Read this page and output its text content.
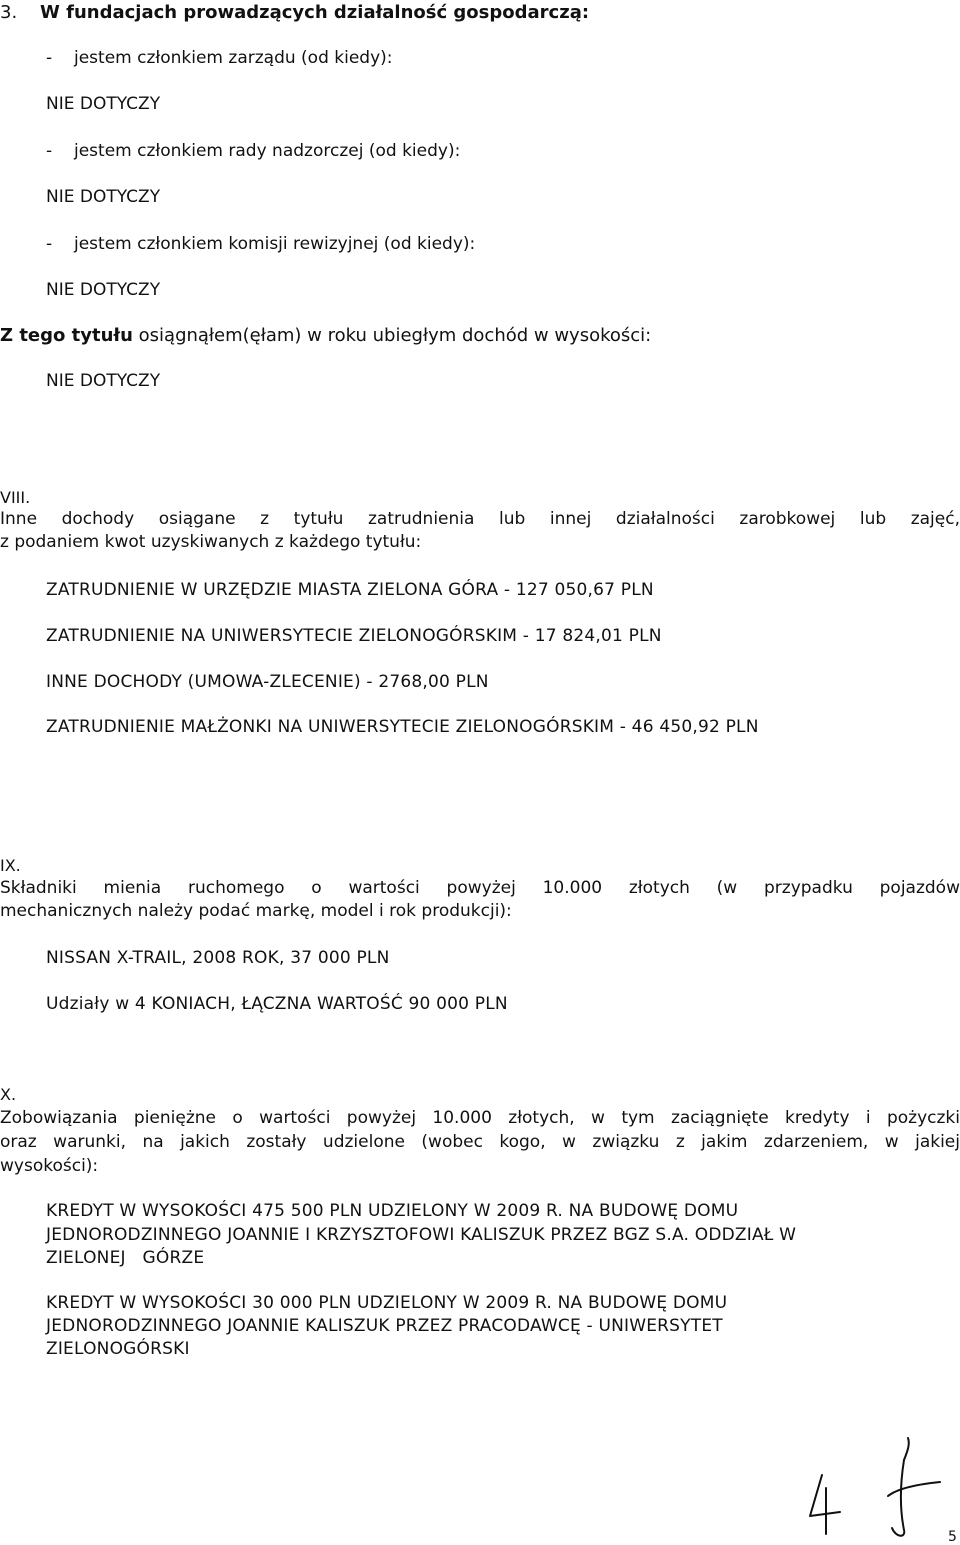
3. W fundacjach prowadzących działalność gospodarczą:
- jestem członkiem zarządu (od kiedy):
NIE DOTYCZY
- jestem członkiem rady nadzorczej (od kiedy):
NIE DOTYCZY
- jestem członkiem komisji rewizyjnej (od kiedy):
NIE DOTYCZY
Z tego tytułu osiągnąłem(ęłam) w roku ubiegłym dochód w wysokości:
NIE DOTYCZY
VIII.
Inne dochody osiągane z tytułu zatrudnienia lub innej działalności zarobkowej lub zajęć,
z podaniem kwot uzyskiwanych z każdego tytułu:
ZATRUDNIENIE W URZĘDZIE MIASTA ZIELONA GÓRA - 127 050,67 PLN
ZATRUDNIENIE NA UNIWERSYTECIE ZIELONOGÓRSKIM - 17 824,01 PLN
INNE DOCHODY (UMOWA-ZLECENIE) - 2768,00 PLN
ZATRUDNIENIE MAŁŻONKI NA UNIWERSYTECIE ZIELONOGÓRSKIM - 46 450,92 PLN
IX.
Składniki mienia ruchomego o wartości powyżej 10.000 złotych (w przypadku pojazdów
mechanicznych należy podać markę, model i rok produkcji):
NISSAN X-TRAIL, 2008 ROK, 37 000 PLN
Udziały w 4 KONIACH, ŁĄCZNA WARTOŚĆ 90 000 PLN
X.
Zobowiązania pieniężne o wartości powyżej 10.000 złotych, w tym zaciągnięte kredyty i pożyczki
oraz warunki, na jakich zostały udzielone (wobec kogo, w związku z jakim zdarzeniem, w jakiej
wysokości):
KREDYT W WYSOKOŚCI 475 500 PLN UDZIELONY W 2009 R. NA BUDOWĘ DOMU
JEDNORODZINNEGO JOANNIE I KRZYSZTOFOWI KALISZUK PRZEZ BGZ S.A. ODDZIAŁ W
ZIELONEJ   GÓRZE
KREDYT W WYSOKOŚCI 30 000 PLN UDZIELONY W 2009 R. NA BUDOWĘ DOMU
JEDNORODZINNEGO JOANNIE KALISZUK PRZEZ PRACODAWCĘ - UNIWERSYTET
ZIELONOGÓRSKI
5
